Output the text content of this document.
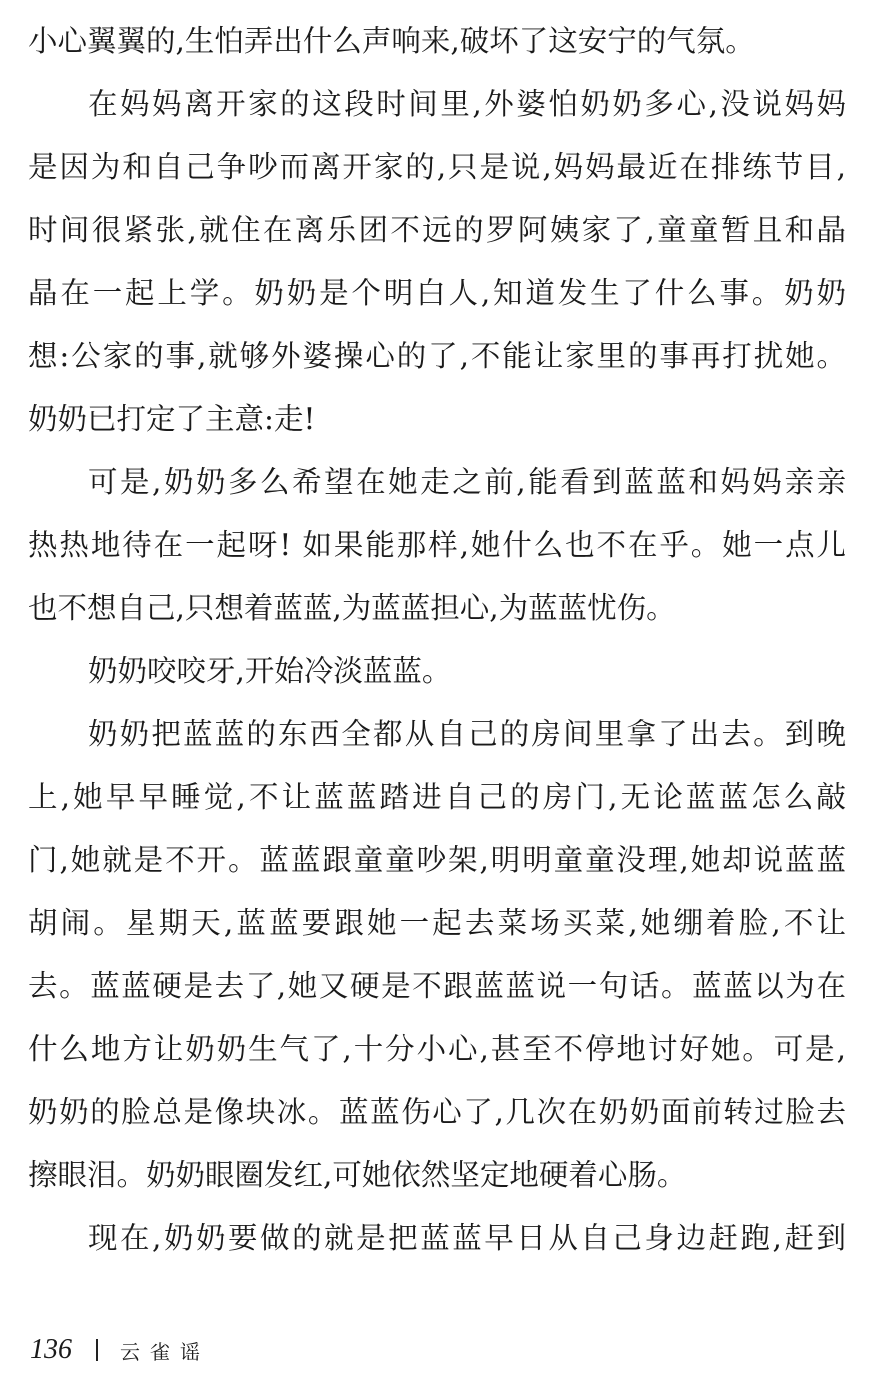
小心翼翼的,生怕弄出什么声响来,破坏了这安宁的气氛。
在妈妈离开家的这段时间里,外婆怕奶奶多心,没说妈妈
是因为和自己争吵而离开家的,只是说,妈妈最近在排练节目,
时间很紧张,就住在离乐团不远的罗阿姨家了,童童暂且和晶
晶在一起上学。奶奶是个明白人,知道发生了什么事。奶奶
想:公家的事,就够外婆操心的了,不能让家里的事再打扰她。
奶奶已打定了主意:走!
可是,奶奶多么希望在她走之前,能看到蓝蓝和妈妈亲亲
热热地待在一起呀! 如果能那样,她什么也不在乎。她一点儿
也不想自己,只想着蓝蓝,为蓝蓝担心,为蓝蓝忧伤。
奶奶咬咬牙,开始冷淡蓝蓝。
奶奶把蓝蓝的东西全都从自己的房间里拿了出去。到晚
上,她早早睡觉,不让蓝蓝踏进自己的房门,无论蓝蓝怎么敲
门,她就是不开。蓝蓝跟童童吵架,明明童童没理,她却说蓝蓝
胡闹。星期天,蓝蓝要跟她一起去菜场买菜,她绷着脸,不让
去。蓝蓝硬是去了,她又硬是不跟蓝蓝说一句话。蓝蓝以为在
什么地方让奶奶生气了,十分小心,甚至不停地讨好她。可是,
奶奶的脸总是像块冰。蓝蓝伤心了,几次在奶奶面前转过脸去
擦眼泪。奶奶眼圈发红,可她依然坚定地硬着心肠。
现在,奶奶要做的就是把蓝蓝早日从自己身边赶跑,赶到
136 云雀谣
